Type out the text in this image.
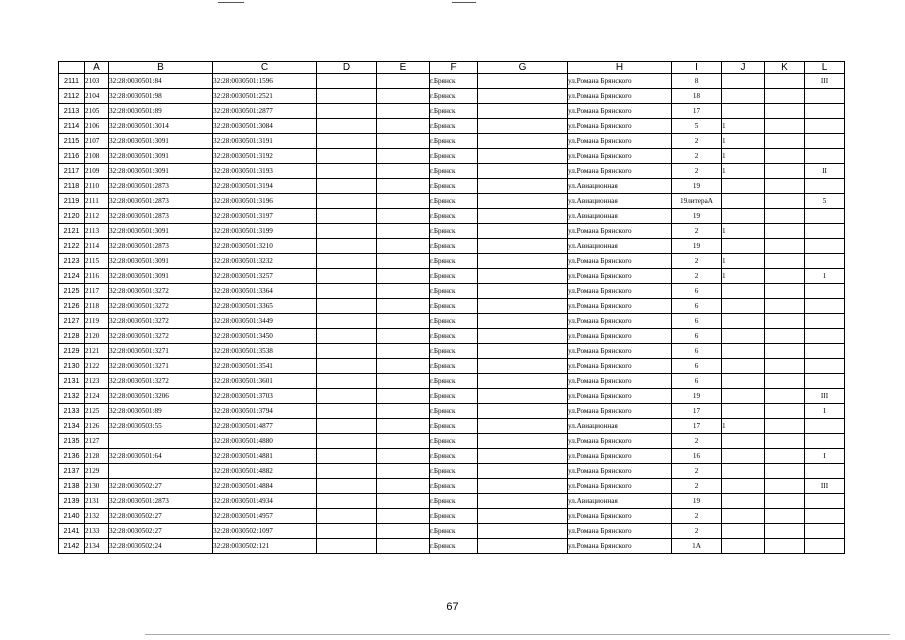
	A	B	C	D	E	F	G	H	I	J	K	L
2111	2103	32:28:0030501:84	32:28:0030501:1596			г.Брянск		ул.Романа Брянского	8			III
2112	2104	32:28:0030501:98	32:28:0030501:2521			г.Брянск		ул.Романа Брянского	18			
2113	2105	32:28:0030501:89	32:28:0030501:2877			г.Брянск		ул.Романа Брянского	17			
2114	2106	32:28:0030501:3014	32:28:0030501:3084			г.Брянск		ул.Романа Брянского	5	1		
2115	2107	32:28:0030501:3091	32:28:0030501:3191			г.Брянск		ул.Романа Брянского	2	1		
2116	2108	32:28:0030501:3091	32:28:0030501:3192			г.Брянск		ул.Романа Брянского	2	1		
2117	2109	32:28:0030501:3091	32:28:0030501:3193			г.Брянск		ул.Романа Брянского	2	1		II
2118	2110	32:28:0030501:2873	32:28:0030501:3194			г.Брянск		ул.Авиационная	19			
2119	2111	32:28:0030501:2873	32:28:0030501:3196			г.Брянск		ул.Авиационная	19литераА			5
2120	2112	32:28:0030501:2873	32:28:0030501:3197			г.Брянск		ул.Авиационная	19			
2121	2113	32:28:0030501:3091	32:28:0030501:3199			г.Брянск		ул.Романа Брянского	2	1		
2122	2114	32:28:0030501:2873	32:28:0030501:3210			г.Брянск		ул.Авиационная	19			
2123	2115	32:28:0030501:3091	32:28:0030501:3232			г.Брянск		ул.Романа Брянского	2	1		
2124	2116	32:28:0030501:3091	32:28:0030501:3257			г.Брянск		ул.Романа Брянского	2	1		1
2125	2117	32:28:0030501:3272	32:28:0030501:3364			г.Брянск		ул.Романа Брянского	6			
2126	2118	32:28:0030501:3272	32:28:0030501:3365			г.Брянск		ул.Романа Брянского	6			
2127	2119	32:28:0030501:3272	32:28:0030501:3449			г.Брянск		ул.Романа Брянского	6			
2128	2120	32:28:0030501:3272	32:28:0030501:3450			г.Брянск		ул.Романа Брянского	6			
2129	2121	32:28:0030501:3271	32:28:0030501:3538			г.Брянск		ул.Романа Брянского	6			
2130	2122	32:28:0030501:3271	32:28:0030501:3541			г.Брянск		ул.Романа Брянского	6			
2131	2123	32:28:0030501:3272	32:28:0030501:3601			г.Брянск		ул.Романа Брянского	6			
2132	2124	32:28:0030501:3206	32:28:0030501:3703			г.Брянск		ул.Романа Брянского	19			III
2133	2125	32:28:0030501:89	32:28:0030501:3794			г.Брянск		ул.Романа Брянского	17			I
2134	2126	32:28:0030503:55	32:28:0030501:4877			г.Брянск		ул.Авиационная	17	1		
2135	2127		32:28:0030501:4880			г.Брянск		ул.Романа Брянского	2			
2136	2128	32:28:0030501:64	32:28:0030501:4881			г.Брянск		ул.Романа Брянского	16			I
2137	2129		32:28:0030501:4882			г.Брянск		ул.Романа Брянского	2			
2138	2130	32:28:0030502:27	32:28:0030501:4884			г.Брянск		ул.Романа Брянского	2			III
2139	2131	32:28:0030501:2873	32:28:0030501:4934			г.Брянск		ул.Авиационная	19			
2140	2132	32:28:0030502:27	32:28:0030501:4957			г.Брянск		ул.Романа Брянского	2			
2141	2133	32:28:0030502:27	32:28:0030502:1097			г.Брянск		ул.Романа Брянского	2			
2142	2134	32:28:0030502:24	32:28:0030502:121			г.Брянск		ул.Романа Брянского	1А			
67
